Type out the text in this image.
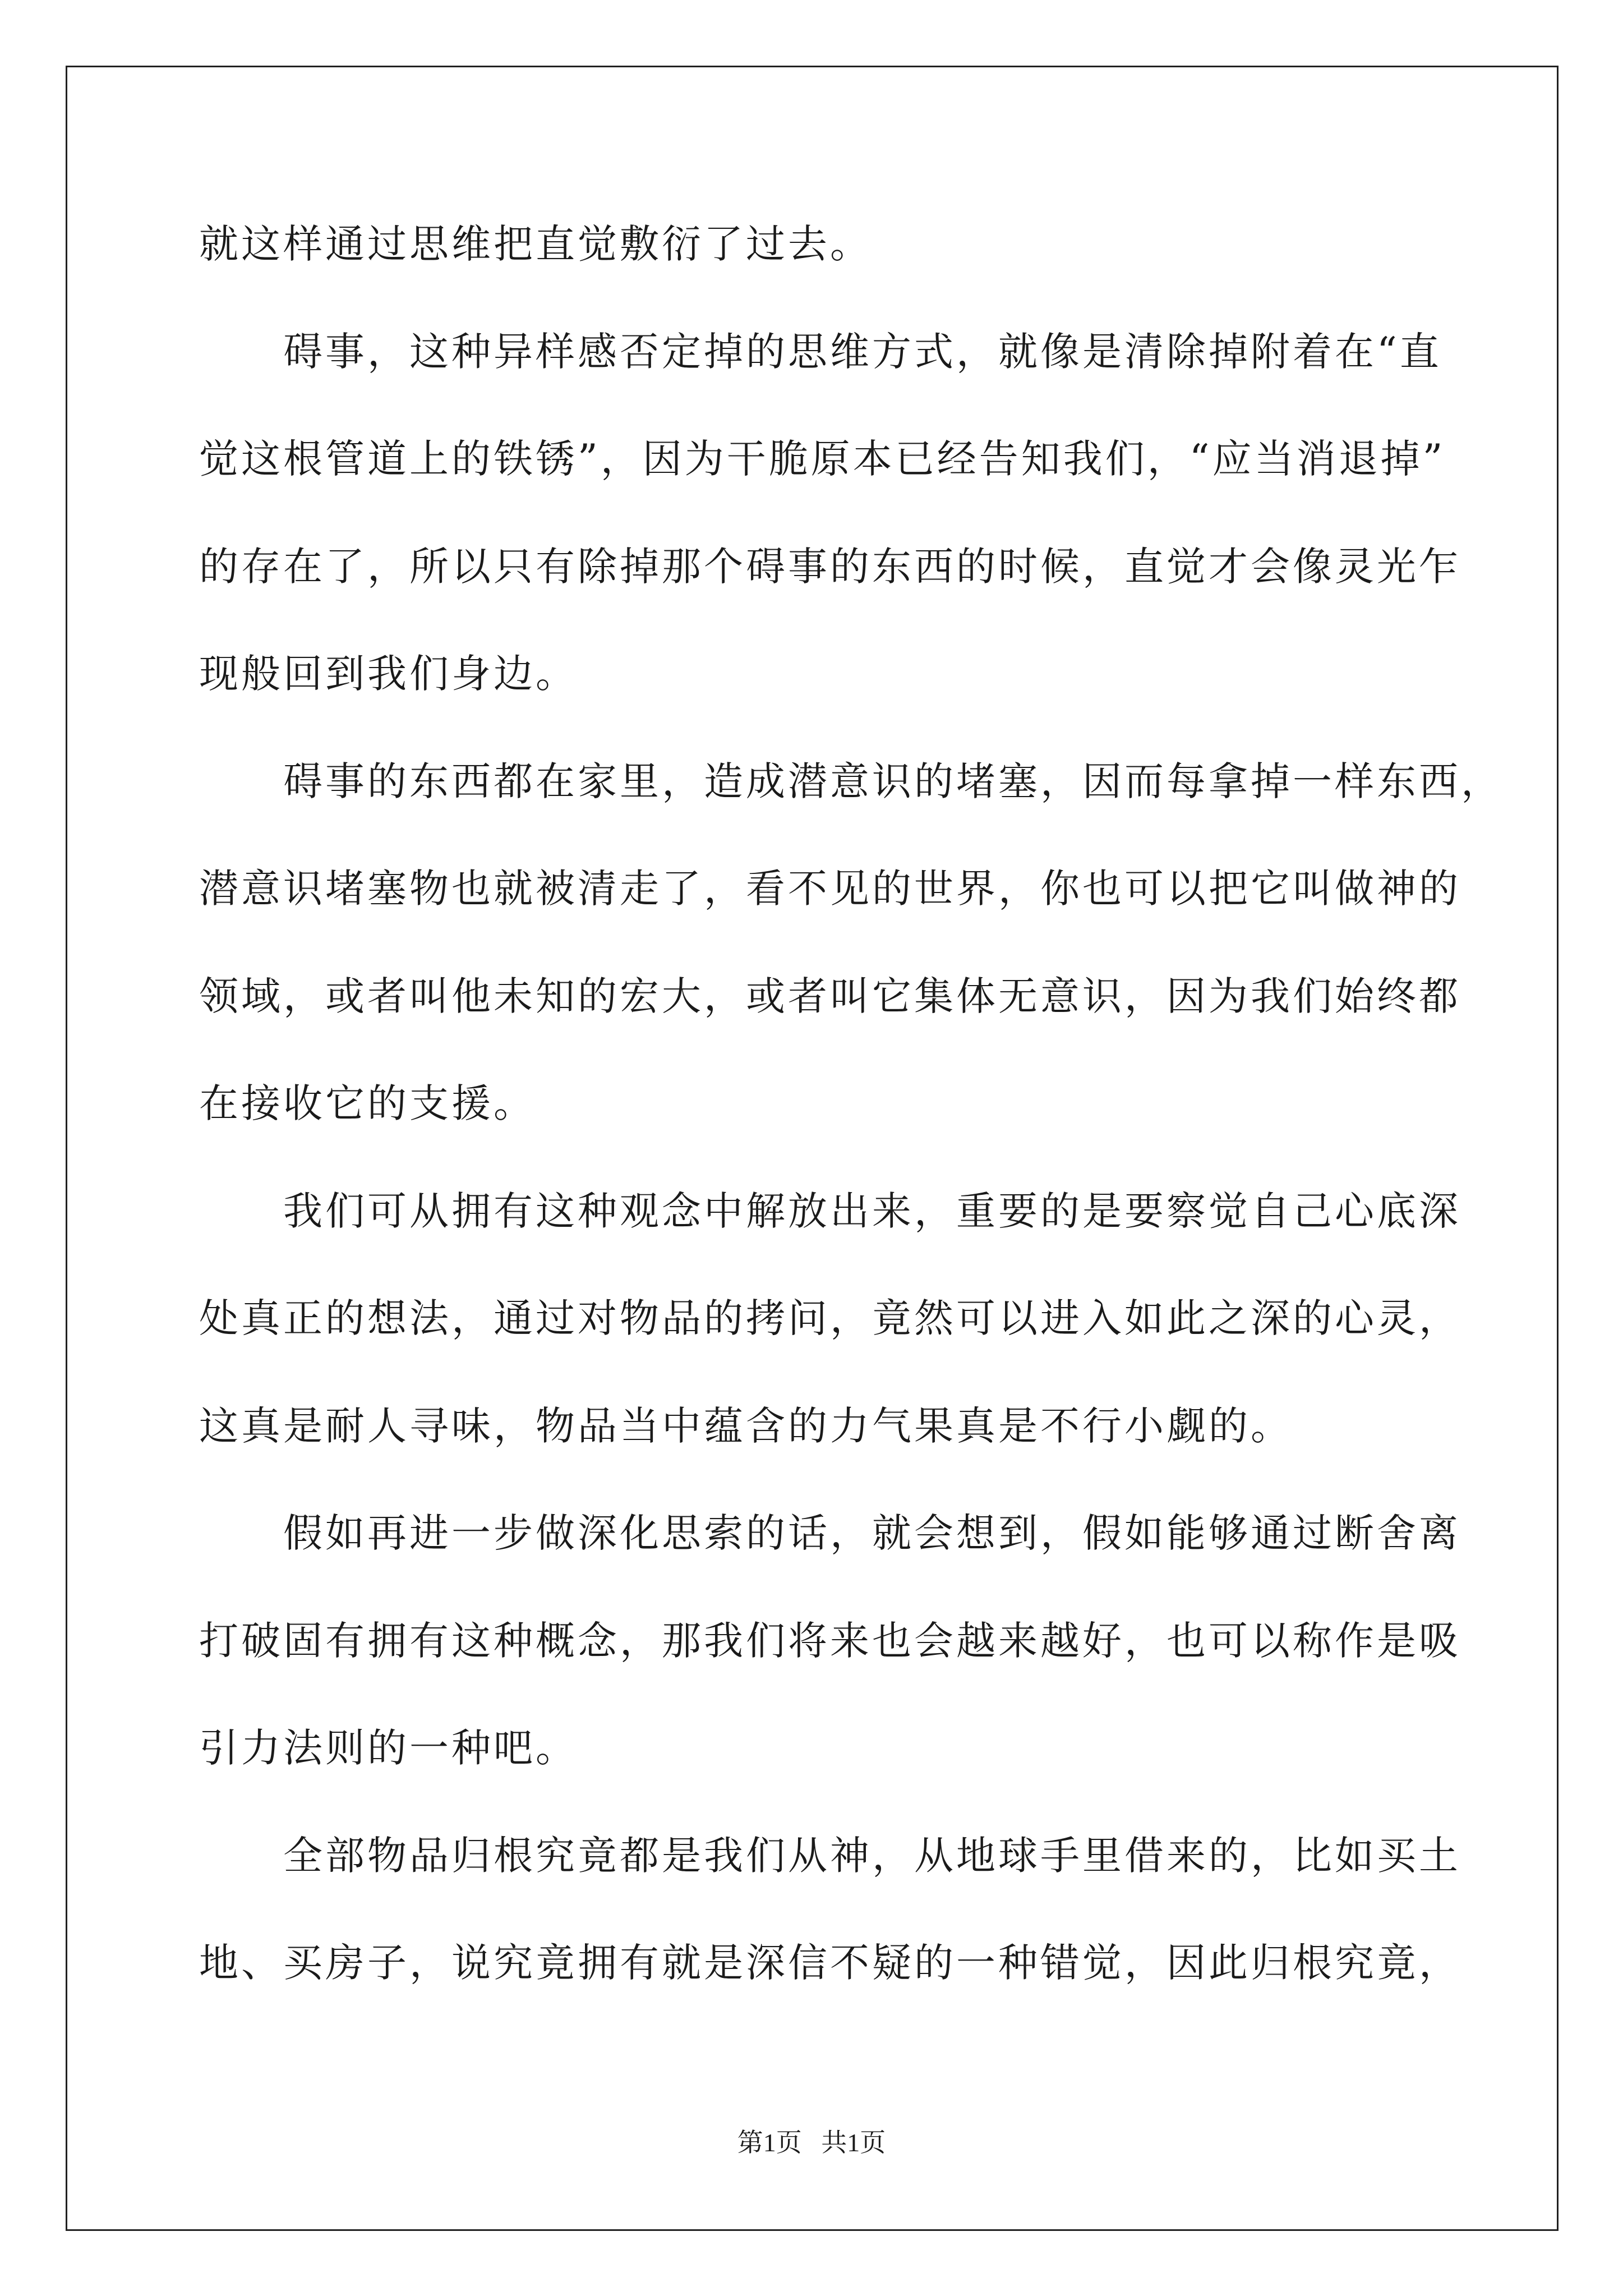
就这样通过思维把直觉敷衍了过去。
碍事，这种异样感否定掉的思维方式，就像是清除掉附着在“直
觉这根管道上的铁锈”，因为干脆原本已经告知我们，“应当消退掉”
的存在了，所以只有除掉那个碍事的东西的时候，直觉才会像灵光乍
现般回到我们身边。
碍事的东西都在家里，造成潜意识的堵塞，因而每拿掉一样东西，
潜意识堵塞物也就被清走了，看不见的世界，你也可以把它叫做神的
领域，或者叫他未知的宏大，或者叫它集体无意识，因为我们始终都
在接收它的支援。
我们可从拥有这种观念中解放出来，重要的是要察觉自己心底深
处真正的想法，通过对物品的拷问，竟然可以进入如此之深的心灵，
这真是耐人寻味，物品当中蕴含的力气果真是不行小觑的。
假如再进一步做深化思索的话，就会想到，假如能够通过断舍离
打破固有拥有这种概念，那我们将来也会越来越好，也可以称作是吸
引力法则的一种吧。
全部物品归根究竟都是我们从神，从地球手里借来的，比如买土
地、买房子，说究竟拥有就是深信不疑的一种错觉，因此归根究竟，
第1页   共1页
